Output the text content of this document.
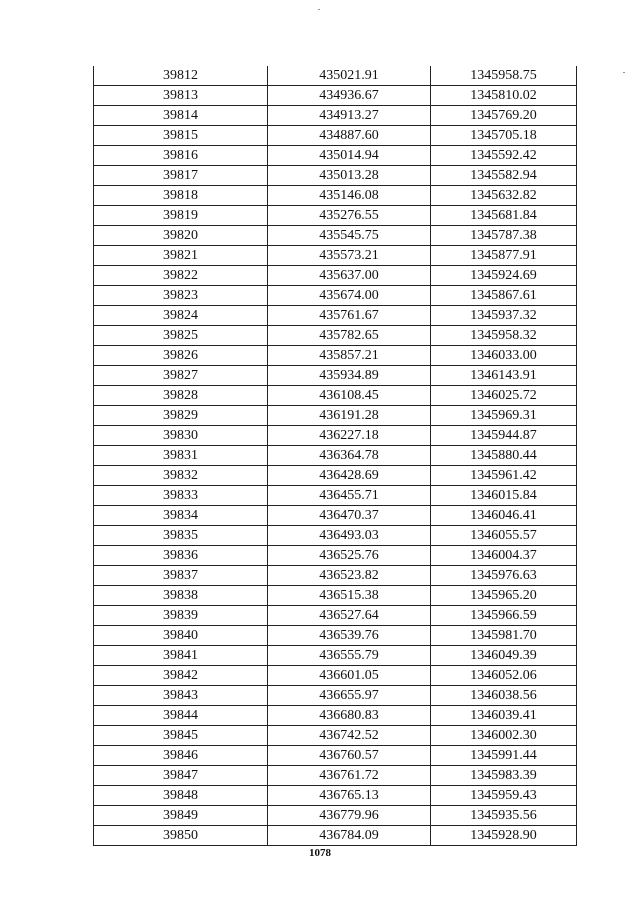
39812	435021.91	1345958.75
39813	434936.67	1345810.02
39814	434913.27	1345769.20
39815	434887.60	1345705.18
39816	435014.94	1345592.42
39817	435013.28	1345582.94
39818	435146.08	1345632.82
39819	435276.55	1345681.84
39820	435545.75	1345787.38
39821	435573.21	1345877.91
39822	435637.00	1345924.69
39823	435674.00	1345867.61
39824	435761.67	1345937.32
39825	435782.65	1345958.32
39826	435857.21	1346033.00
39827	435934.89	1346143.91
39828	436108.45	1346025.72
39829	436191.28	1345969.31
39830	436227.18	1345944.87
39831	436364.78	1345880.44
39832	436428.69	1345961.42
39833	436455.71	1346015.84
39834	436470.37	1346046.41
39835	436493.03	1346055.57
39836	436525.76	1346004.37
39837	436523.82	1345976.63
39838	436515.38	1345965.20
39839	436527.64	1345966.59
39840	436539.76	1345981.70
39841	436555.79	1346049.39
39842	436601.05	1346052.06
39843	436655.97	1346038.56
39844	436680.83	1346039.41
39845	436742.52	1346002.30
39846	436760.57	1345991.44
39847	436761.72	1345983.39
39848	436765.13	1345959.43
39849	436779.96	1345935.56
39850	436784.09	1345928.90
1078
